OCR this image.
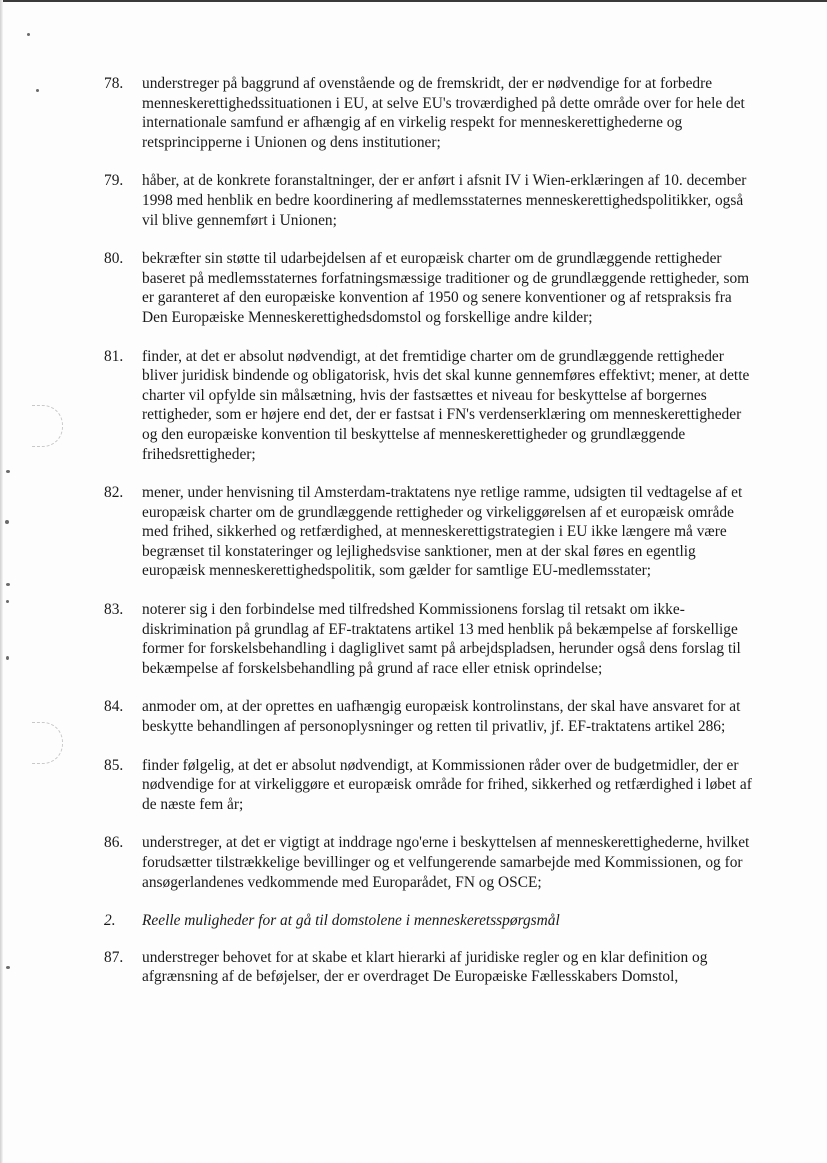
78.	understreger på baggrund af ovenstående og de fremskridt, der er nødvendige for at forbedre menneskerettighedssituationen i EU, at selve EU's troværdighed på dette område over for hele det internationale samfund er afhængig af en virkelig respekt for menneskerettighederne og retsprincipperne i Unionen og dens institutioner;
79.	håber, at de konkrete foranstaltninger, der er anført i afsnit IV i Wien-erklæringen af 10. december 1998 med henblik en bedre koordinering af medlemsstaternes menneskerettighedspolitikker, også vil blive gennemført i Unionen;
80.	bekræfter sin støtte til udarbejdelsen af et europæisk charter om de grundlæggende rettigheder baseret på medlemsstaternes forfatningsmæssige traditioner og de grundlæggende rettigheder, som er garanteret af den europæiske konvention af 1950 og senere konventioner og af retspraksis fra Den Europæiske Menneskerettighedsdomstol og forskellige andre kilder;
81.	finder, at det er absolut nødvendigt, at det fremtidige charter om de grundlæggende rettigheder bliver juridisk bindende og obligatorisk, hvis det skal kunne gennemføres effektivt; mener, at dette charter vil opfylde sin målsætning, hvis der fastsættes et niveau for beskyttelse af borgernes rettigheder, som er højere end det, der er fastsat i FN's verdenserklæring om menneskerettigheder og den europæiske konvention til beskyttelse af menneskerettigheder og grundlæggende frihedsrettigheder;
82.	mener, under henvisning til Amsterdam-traktatens nye retlige ramme, udsigten til vedtagelse af et europæisk charter om de grundlæggende rettigheder og virkeliggørelsen af et europæisk område med frihed, sikkerhed og retfærdighed, at menneskerettigstrategien i EU ikke længere må være begrænset til konstateringer og lejlighedsvise sanktioner, men at der skal føres en egentlig europæisk menneskerettighedspolitik, som gælder for samtlige EU-medlemsstater;
83.	noterer sig i den forbindelse med tilfredshed Kommissionens forslag til retsakt om ikke-diskrimination på grundlag af EF-traktatens artikel 13 med henblik på bekæmpelse af forskellige former for forskelsbehandling i dagliglivet samt på arbejdspladsen, herunder også dens forslag til bekæmpelse af forskelsbehandling på grund af race eller etnisk oprindelse;
84.	anmoder om, at der oprettes en uafhængig europæisk kontrolinstans, der skal have ansvaret for at beskytte behandlingen af personoplysninger og retten til privatliv, jf. EF-traktatens artikel 286;
85.	finder følgelig, at det er absolut nødvendigt, at Kommissionen råder over de budgetmidler, der er nødvendige for at virkeliggøre et europæisk område for frihed, sikkerhed og retfærdighed i løbet af de næste fem år;
86.	understreger, at det er vigtigt at inddrage ngo'erne i beskyttelsen af menneskerettighederne, hvilket forudsætter tilstrækkelige bevillinger og et velfungerende samarbejde med Kommissionen, og for ansøgerlandenes vedkommende med Europarådet, FN og OSCE;
2. Reelle muligheder for at gå til domstolene i menneskeretsspørgsmål
87.	understreger behovet for at skabe et klart hierarki af juridiske regler og en klar definition og afgrænsning af de beføjelser, der er overdraget De Europæiske Fællesskabers Domstol,
